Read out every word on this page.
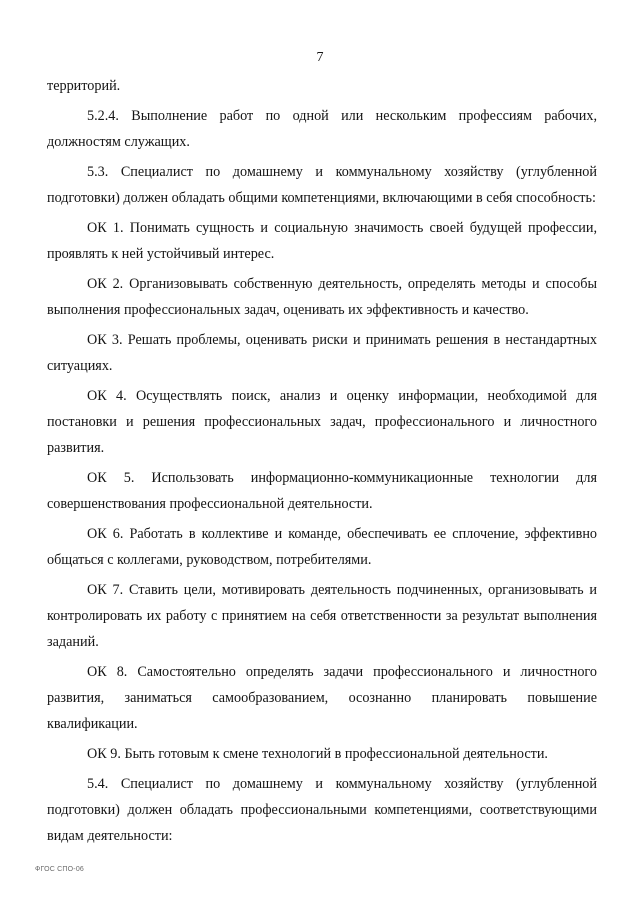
7

территорий.

5.2.4. Выполнение работ по одной или нескольким профессиям рабочих, должностям служащих.

5.3. Специалист по домашнему и коммунальному хозяйству (углубленной подготовки) должен обладать общими компетенциями, включающими в себя способность:

ОК 1. Понимать сущность и социальную значимость своей будущей профессии, проявлять к ней устойчивый интерес.

ОК 2. Организовывать собственную деятельность, определять методы и способы выполнения профессиональных задач, оценивать их эффективность и качество.

ОК 3. Решать проблемы, оценивать риски и принимать решения в нестандартных ситуациях.

ОК 4. Осуществлять поиск, анализ и оценку информации, необходимой для постановки и решения профессиональных задач, профессионального и личностного развития.

ОК 5. Использовать информационно-коммуникационные технологии для совершенствования профессиональной деятельности.

ОК 6. Работать в коллективе и команде, обеспечивать ее сплочение, эффективно общаться с коллегами, руководством, потребителями.

ОК 7. Ставить цели, мотивировать деятельность подчиненных, организовывать и контролировать их работу с принятием на себя ответственности за результат выполнения заданий.

ОК 8. Самостоятельно определять задачи профессионального и личностного развития, заниматься самообразованием, осознанно планировать повышение квалификации.

ОК 9. Быть готовым к смене технологий в профессиональной деятельности.

5.4. Специалист по домашнему и коммунальному хозяйству (углубленной подготовки) должен обладать профессиональными компетенциями, соответствующими видам деятельности:

ФГОС СПО-06
